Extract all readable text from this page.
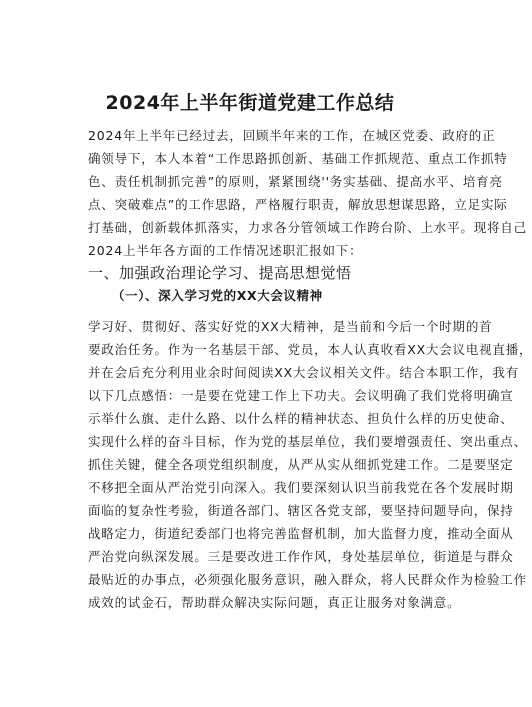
2024年上半年街道党建工作总结
2024年上半年已经过去，回顾半年来的工作，在城区党委、政府的正
确领导下，本人本着“工作思路抓创新、基础工作抓规范、重点工作抓特
色、责任机制抓完善”的原则，紧紧围绕''务实基础、提高水平、培育亮
点、突破难点”的工作思路，严格履行职责，解放思想谋思路，立足实际
打基础，创新载体抓落实，力求各分管领域工作跨台阶、上水平。现将自己
2024上半年各方面的工作情况述职汇报如下：
一、加强政治理论学习、提高思想觉悟
（一）、深入学习党的XX大会议精神
学习好、贯彻好、落实好党的XX大精神，是当前和今后一个时期的首
要政治任务。作为一名基层干部、党员，本人认真收看XX大会议电视直播，
并在会后充分利用业余时间阅读XX大会议相关文件。结合本职工作，我有
以下几点感悟：一是要在党建工作上下功夫。会议明确了我们党将明确宣
示举什么旗、走什么路、以什么样的精神状态、担负什么样的历史使命、
实现什么样的奋斗目标，作为党的基层单位，我们要增强责任、突出重点、
抓住关键，健全各项党组织制度，从严从实从细抓党建工作。二是要坚定
不移把全面从严治党引向深入。我们要深刻认识当前我党在各个发展时期
面临的复杂性考验，街道各部门、辖区各党支部，要坚持问题导向，保持
战略定力，街道纪委部门也将完善监督机制，加大监督力度，推动全面从
严治党向纵深发展。三是要改进工作作风，身处基层单位，街道是与群众
最贴近的办事点，必须强化服务意识，融入群众，将人民群众作为检验工作
成效的试金石，帮助群众解决实际问题，真正让服务对象满意。
